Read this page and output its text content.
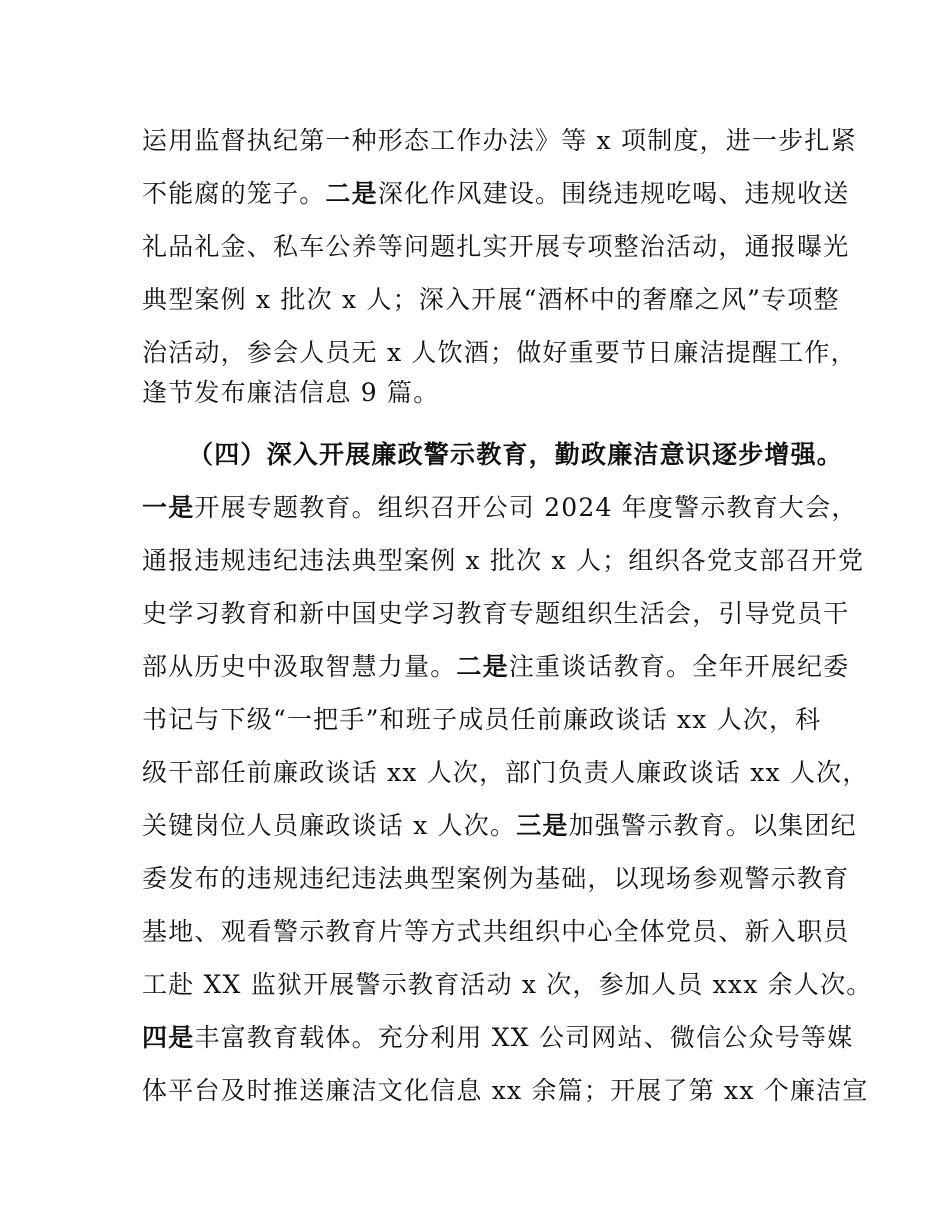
运用监督执纪第一种形态工作办法》等 x 项制度，进一步扎紧
不能腐的笼子。二是深化作风建设。围绕违规吃喝、违规收送
礼品礼金、私车公养等问题扎实开展专项整治活动，通报曝光
典型案例 x 批次 x 人；深入开展“酒杯中的奢靡之风”专项整
治活动，参会人员无 x 人饮酒；做好重要节日廉洁提醒工作，
逢节发布廉洁信息 9 篇。
（四）深入开展廉政警示教育，勤政廉洁意识逐步增强。
一是开展专题教育。组织召开公司 2024 年度警示教育大会，
通报违规违纪违法典型案例 x 批次 x 人；组织各党支部召开党
史学习教育和新中国史学习教育专题组织生活会，引导党员干
部从历史中汲取智慧力量。二是注重谈话教育。全年开展纪委
书记与下级“一把手”和班子成员任前廉政谈话 xx 人次，科
级干部任前廉政谈话 xx 人次，部门负责人廉政谈话 xx 人次，
关键岗位人员廉政谈话 x 人次。三是加强警示教育。以集团纪
委发布的违规违纪违法典型案例为基础，以现场参观警示教育
基地、观看警示教育片等方式共组织中心全体党员、新入职员
工赴 XX 监狱开展警示教育活动 x 次，参加人员 xxx 余人次。
四是丰富教育载体。充分利用 XX 公司网站、微信公众号等媒
体平台及时推送廉洁文化信息 xx 余篇；开展了第 xx 个廉洁宣
